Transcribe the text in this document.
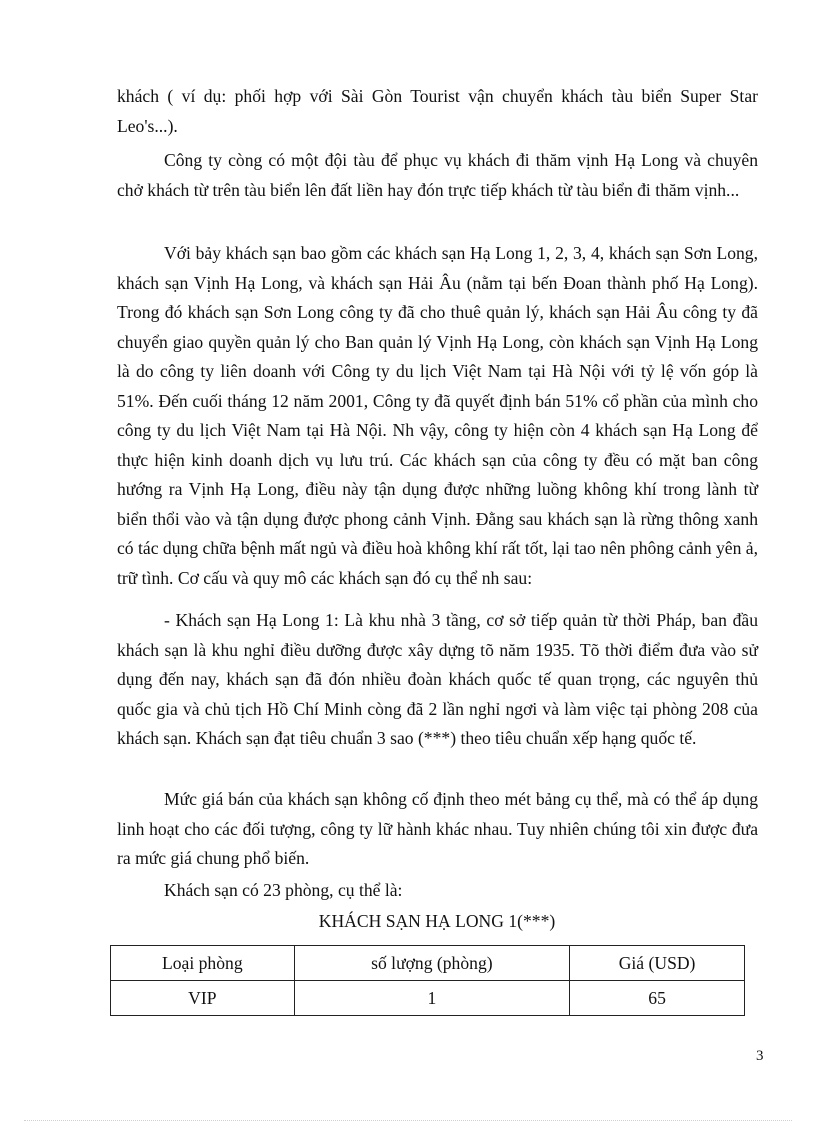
khách ( ví dụ: phối hợp với Sài Gòn Tourist vận chuyển khách tàu biển Super Star Leo's...).

Công ty còng có một đội tàu để phục vụ khách đi thăm vịnh Hạ Long và chuyên chở khách từ trên tàu biển lên đất liền hay đón trực tiếp khách từ tàu biển đi thăm vịnh...

Với bảy khách sạn bao gồm các khách sạn Hạ Long 1, 2, 3, 4, khách sạn Sơn Long, khách sạn Vịnh Hạ Long, và khách sạn Hải Âu (nằm tại bến Đoan thành phố Hạ Long). Trong đó khách sạn Sơn Long công ty đã cho thuê quản lý, khách sạn Hải Âu công ty đã chuyển giao quyền quản lý cho Ban quản lý Vịnh Hạ Long, còn khách sạn Vịnh Hạ Long là do công ty liên doanh với Công ty du lịch Việt Nam tại Hà Nội với tỷ lệ vốn góp là 51%. Đến cuối tháng 12 năm 2001, Công ty đã quyết định bán 51% cổ phần của mình cho công ty du lịch Việt Nam tại Hà Nội. Nh vậy, công ty hiện còn 4 khách sạn Hạ Long để thực hiện kinh doanh dịch vụ lưu trú. Các khách sạn của công ty đều có mặt ban công hướng ra Vịnh Hạ Long, điều này tận dụng được những luồng không khí trong lành từ biển thổi vào và tận dụng được phong cảnh Vịnh. Đằng sau khách sạn là rừng thông xanh có tác dụng chữa bệnh mất ngủ và điều hoà không khí rất tốt, lại tao nên phông cảnh yên ả, trữ tình. Cơ cấu và quy mô các khách sạn đó cụ thể nh sau:

- Khách sạn Hạ Long 1: Là khu nhà 3 tầng, cơ sở tiếp quản từ thời Pháp, ban đầu khách sạn là khu nghỉ điều dưỡng được xây dựng tõ năm 1935. Tõ thời điểm đưa vào sử dụng đến nay, khách sạn đã đón nhiều đoàn khách quốc tế quan trọng, các nguyên thủ quốc gia và chủ tịch Hồ Chí Minh còng đã 2 lần nghỉ ngơi và làm việc tại phòng 208 của khách sạn. Khách sạn đạt tiêu chuẩn 3 sao (***) theo tiêu chuẩn xếp hạng quốc tế.

Mức giá bán của khách sạn không cố định theo mét bảng cụ thể, mà có thể áp dụng linh hoạt cho các đối tượng, công ty lữ hành khác nhau. Tuy nhiên chúng tôi xin được đưa ra mức giá chung phổ biến.

Khách sạn có 23 phòng, cụ thể là:

KHÁCH SẠN HẠ LONG 1(***)
Loại phòng	số lượng (phòng)	Giá (USD)
VIP	1	65
3
